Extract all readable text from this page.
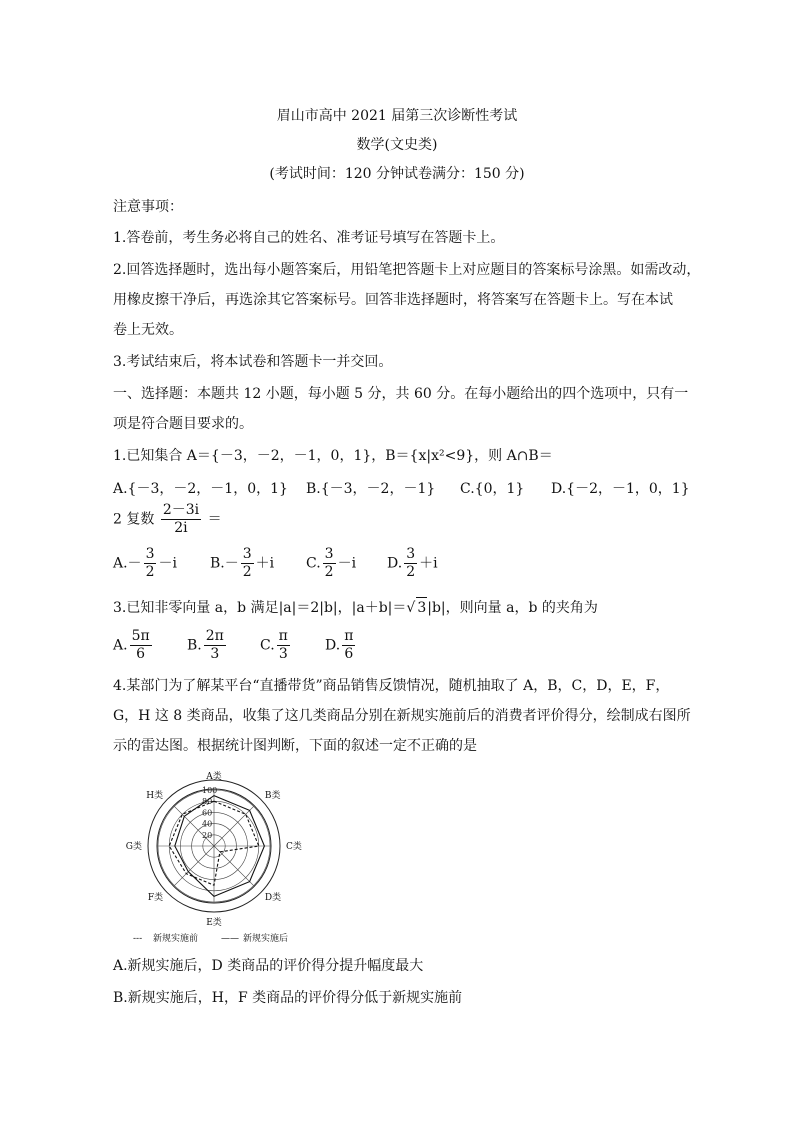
眉山市高中 2021 届第三次诊断性考试
数学(文史类)
(考试时间：120 分钟试卷满分：150 分)
注意事项：
1.答卷前，考生务必将自己的姓名、准考证号填写在答题卡上。
2.回答选择题时，选出每小题答案后，用铅笔把答题卡上对应题目的答案标号涂黑。如需改动，
用橡皮擦干净后，再选涂其它答案标号。回答非选择题时，将答案写在答题卡上。写在本试
卷上无效。
3.考试结束后，将本试卷和答题卡一并交回。
一、选择题：本题共 12 小题，每小题 5 分，共 60 分。在每小题给出的四个选项中，只有一
项是符合题目要求的。
1.已知集合 A＝{－3，－2，－1，0，1}，B＝{x|x²<9}，则 A∩B＝
A.{－3，－2，－1，0，1} B.{－3，－2，－1} C.{0，1} D.{－2，－1，0，1}
2 复数 $\frac{2-3i}{2i}$ ＝
$A.- \frac{3}{2} -i$ $B.- \frac{3}{2} +i$ C. $\frac{3}{2} -i$ D. $\frac{3}{2} +i$
3.已知非零向量 a，b 满足|a|＝2|b|，|a＋b|＝√ 3|b|，则向量 a，b 的夹角为
A. $\frac{5\pi}{6}$	B. $\frac{2\pi}{3} C$. $\frac{\pi}{3}$	D. $\frac{\pi}{6}$
4.某部门为了解某平台“直播带货”商品销售反馈情况，随机抽取了 A，B，C，D，E，F，
G，H 这 8 类商品，收集了这几类商品分别在新规实施前后的消费者评价得分，绘制成右图所
示的雷达图。根据统计图判断，下面的叙述一定不正确的是
20
40
60
80
100
A类
B类
C类
D类
E类
F类
G类
H类
--- 新规实施前	—— 新规实施后
A.新规实施后，D 类商品的评价得分提升幅度最大
B.新规实施后，H，F 类商品的评价得分低于新规实施前
